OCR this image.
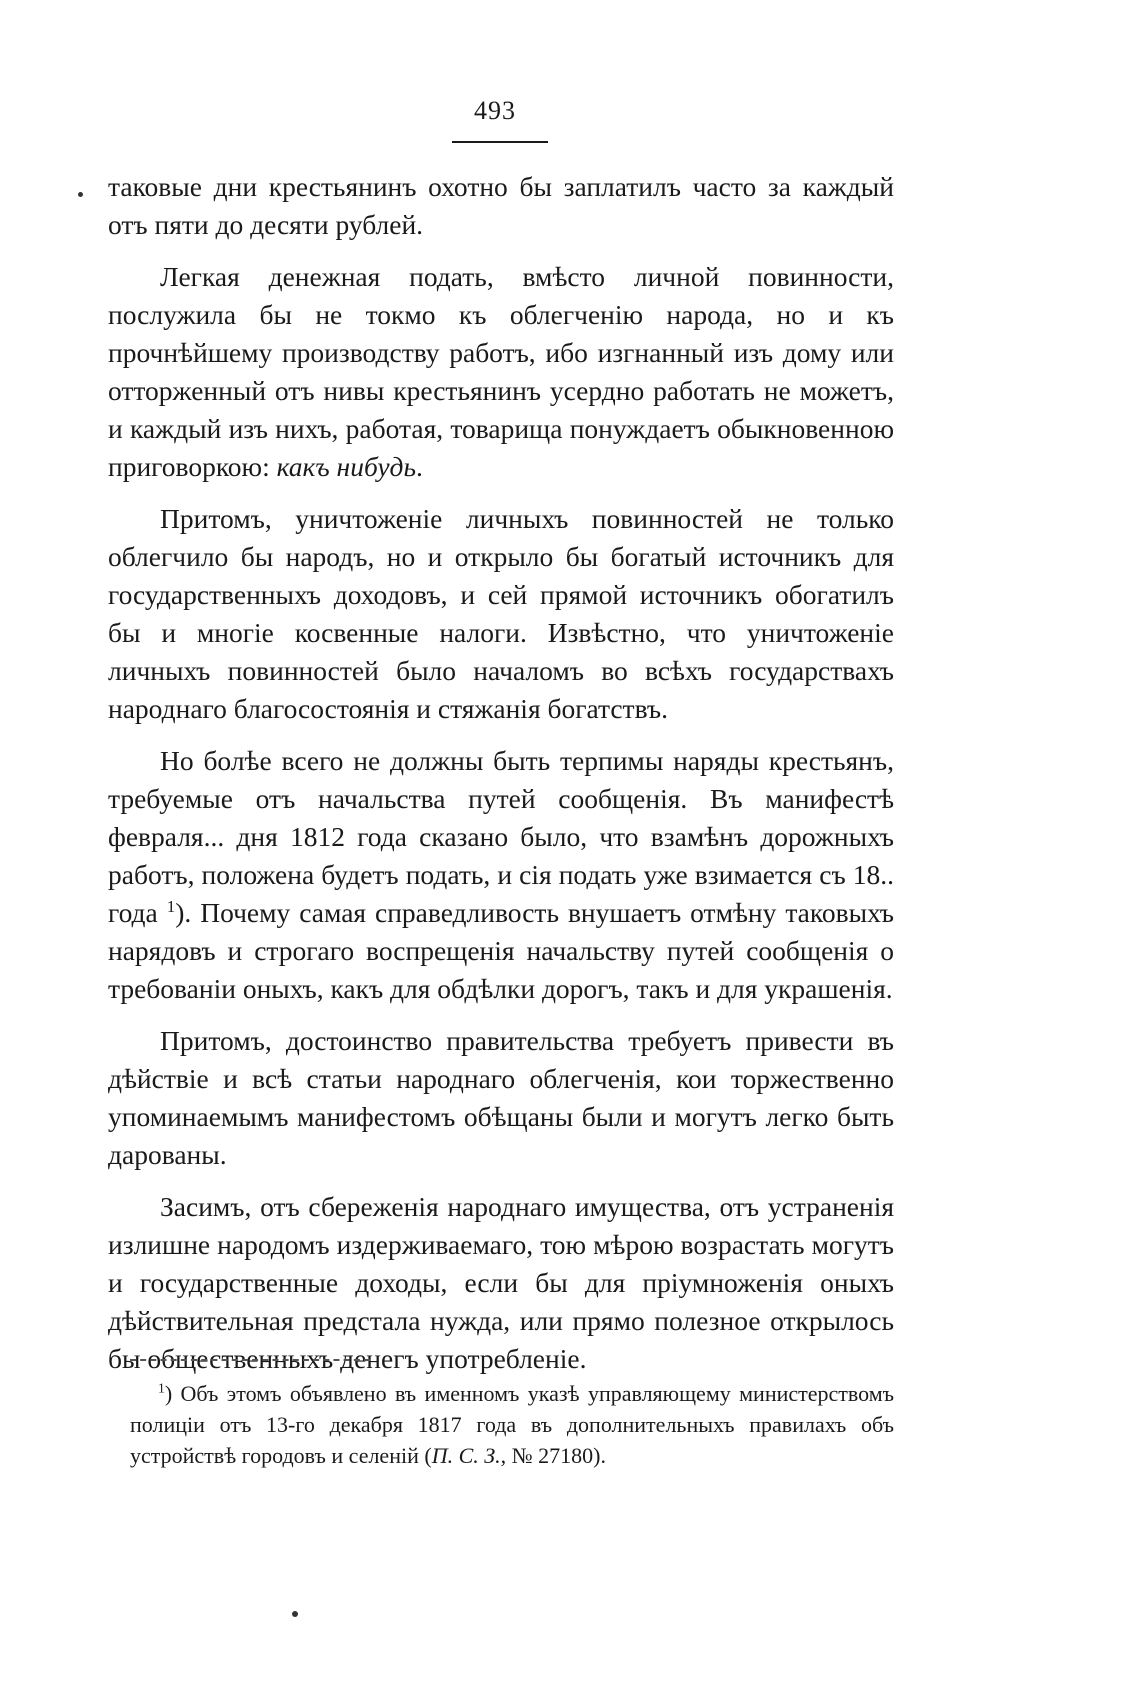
493

таковые дни крестьянинъ охотно бы заплатилъ часто за каждый отъ пяти до десяти рублей.

Легкая денежная подать, вмѣсто личной повинности, послужила бы не токмо къ облегченію народа, но и къ прочнѣйшему производству работъ, ибо изгнанный изъ дому или отторженный отъ нивы крестьянинъ усердно работать не можетъ, и каждый изъ нихъ, работая, товарища понуждаетъ обыкновенною приговоркою: какъ нибудь.

Притомъ, уничтоженіе личныхъ повинностей не только облегчило бы народъ, но и открыло бы богатый источникъ для государственныхъ доходовъ, и сей прямой источникъ обогатилъ бы и многіе косвенные налоги. Извѣстно, что уничтоженіе личныхъ повинностей было началомъ во всѣхъ государствахъ народнаго благосостоянія и стяжанія богатствъ.

Но болѣе всего не должны быть терпимы наряды крестьянъ, требуемые отъ начальства путей сообщенія. Въ манифестѣ февраля... дня 1812 года сказано было, что взамѣнъ дорожныхъ работъ, положена будетъ подать, и сія подать уже взимается съ 18.. года $^1$). Почему самая справедливость внушаетъ отмѣну таковыхъ нарядовъ и строгаго воспрещенія начальству путей сообщенія о требованіи оныхъ, какъ для обдѣлки дорогъ, такъ и для украшенія.

Притомъ, достоинство правительства требуетъ привести въ дѣйствіе и всѣ статьи народнаго облегченія, кои торжественно упоминаемымъ манифестомъ обѣщаны были и могутъ легко быть дарованы.

Засимъ, отъ сбереженія народнаго имущества, отъ устраненія излишне народомъ издерживаемаго, тою мѣрою возрастать могутъ и государственные доходы, если бы для пріумноженія оныхъ дѣйствительная предстала нужда, или прямо полезное открылось бы общественныхъ денегъ употребленіе.

$^1$) Объ этомъ объявлено въ именномъ указѣ управляющему министерствомъ полиціи отъ 13-го декабря 1817 года въ дополнительныхъ правилахъ объ устройствѣ городовъ и селеній (П. С. З., № 27180).
